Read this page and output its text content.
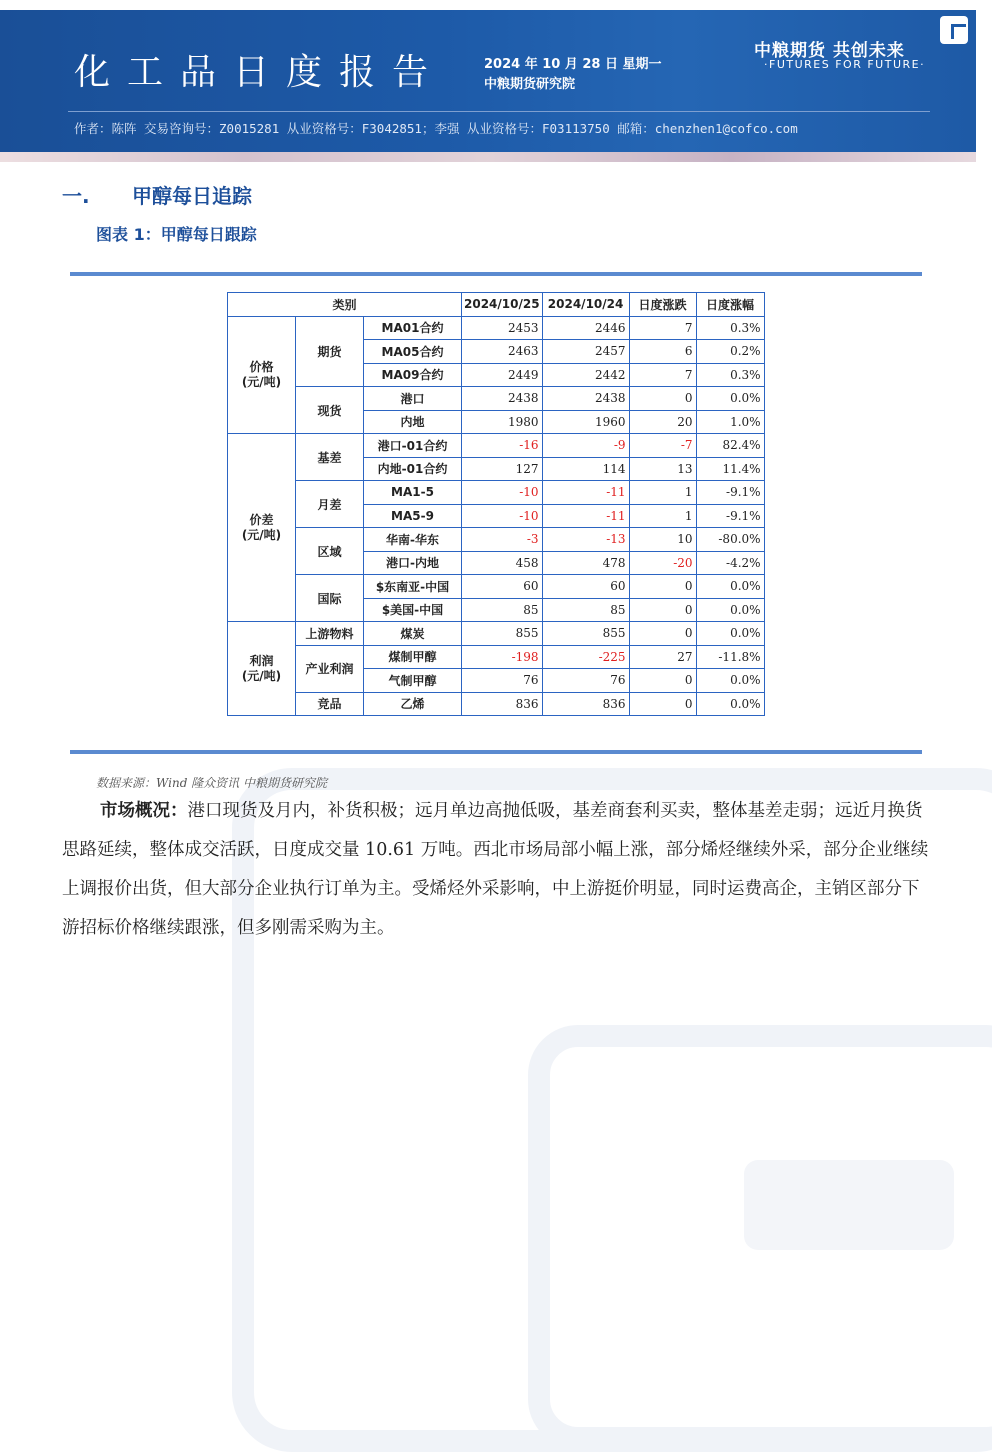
化工品日度报告	2024 年 10 月 28 日 星期一
中粮期货研究院
中粮期货 共创未来
·FUTURES FOR FUTURE·
作者：陈阵 交易咨询号：Z0015281 从业资格号：F3042851；李强 从业资格号：F03113750 邮箱：chenzhen1@cofco.com
一. 甲醇每日追踪
图表 1：甲醇每日跟踪
类别			2024/10/25	2024/10/24	日度涨跌	日度涨幅
价格
(元/吨)	期货	MA01合约	2453	2446	7	0.3%
		MA05合约	2463	2457	6	0.2%
		MA09合约	2449	2442	7	0.3%
	现货	港口	2438	2438	0	0.0%
		内地	1980	1960	20	1.0%
价差
(元/吨)	基差	港口-01合约	-16	-9	-7	82.4%
		内地-01合约	127	114	13	11.4%
	月差	MA1-5	-10	-11	1	-9.1%
		MA5-9	-10	-11	1	-9.1%
	区域	华南-华东	-3	-13	10	-80.0%
		港口-内地	458	478	-20	-4.2%
	国际	$东南亚-中国	60	60	0	0.0%
		$美国-中国	85	85	0	0.0%
利润
(元/吨)	上游物料	煤炭	855	855	0	0.0%
	产业利润	煤制甲醇	-198	-225	27	-11.8%
		气制甲醇	76	76	0	0.0%
	竞品	乙烯	836	836	0	0.0%
数据来源：Wind 隆众资讯 中粮期货研究院
市场概况：港口现货及月内，补货积极；远月单边高抛低吸，基差商套利买卖，整体基差走弱；远近月换货思路延续，整体成交活跃，日度成交量 10.61 万吨。西北市场局部小幅上涨，部分烯烃继续外采，部分企业继续上调报价出货，但大部分企业执行订单为主。受烯烃外采影响，中上游挺价明显，同时运费高企，主销区部分下游招标价格继续跟涨，但多刚需采购为主。
